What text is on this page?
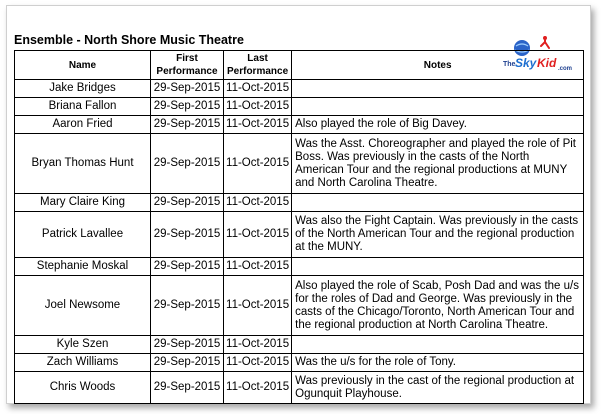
Ensemble - North Shore Music Theatre
The Sky Kid .com
Name	First Performance	Last Performance	Notes
Jake Bridges	29-Sep-2015	11-Oct-2015	
Briana Fallon	29-Sep-2015	11-Oct-2015	
Aaron Fried	29-Sep-2015	11-Oct-2015	Also played the role of Big Davey.
Bryan Thomas Hunt	29-Sep-2015	11-Oct-2015	Was the Asst. Choreographer and played the role of Pit Boss. Was previously in the casts of the North American Tour and the regional productions at MUNY and North Carolina Theatre.
Mary Claire King	29-Sep-2015	11-Oct-2015	
Patrick Lavallee	29-Sep-2015	11-Oct-2015	Was also the Fight Captain. Was previously in the casts of the North American Tour and the regional production at the MUNY.
Stephanie Moskal	29-Sep-2015	11-Oct-2015	
Joel Newsome	29-Sep-2015	11-Oct-2015	Also played the role of Scab, Posh Dad and was the u/s for the roles of Dad and George. Was previously in the casts of the Chicago/Toronto, North American Tour and the regional production at North Carolina Theatre.
Kyle Szen	29-Sep-2015	11-Oct-2015	
Zach Williams	29-Sep-2015	11-Oct-2015	Was the u/s for the role of Tony.
Chris Woods	29-Sep-2015	11-Oct-2015	Was previously in the cast of the regional production at Ogunquit Playhouse.
